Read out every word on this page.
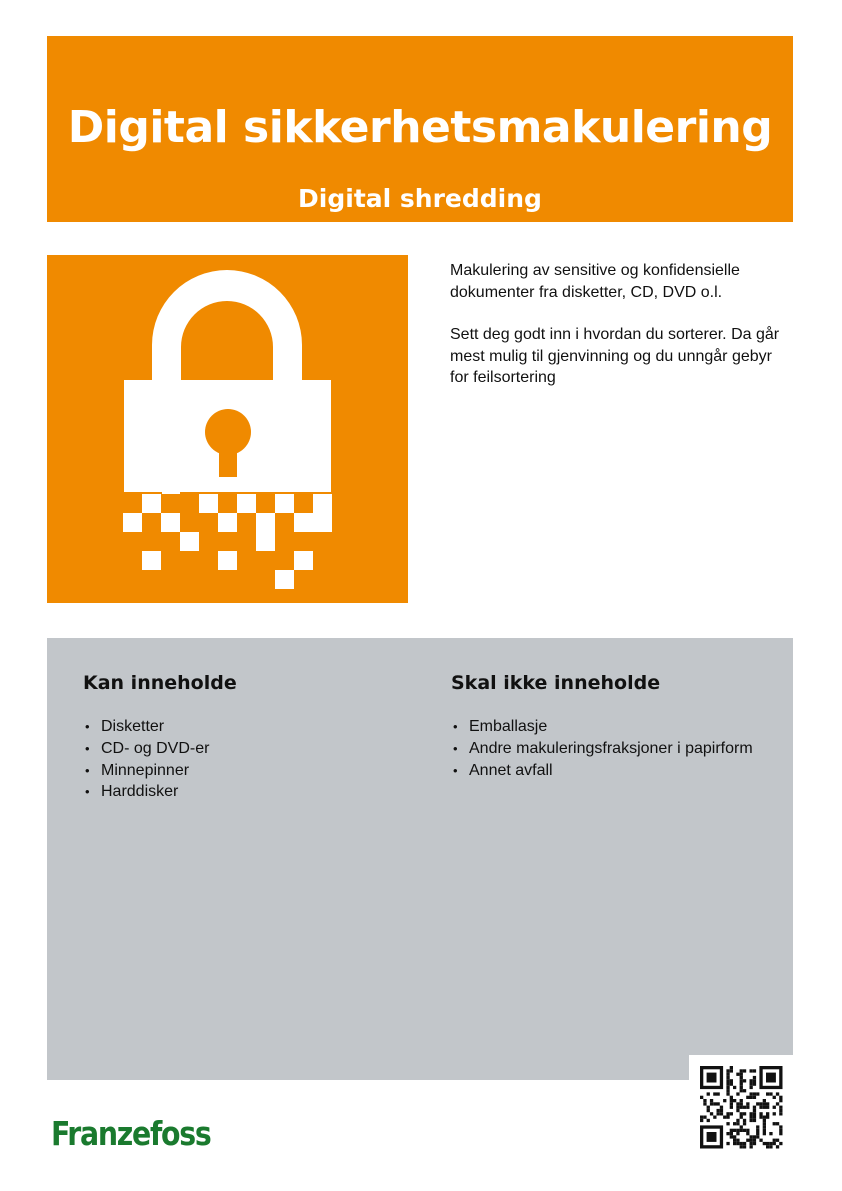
Digital sikkerhetsmakulering
Digital shredding

Makulering av sensitive og konfidensielle dokumenter fra disketter, CD, DVD o.l.

Sett deg godt inn i hvordan du sorterer. Da går mest mulig til gjenvinning og du unngår gebyr for feilsortering

Kan inneholde
• Disketter
• CD- og DVD-er
• Minnepinner
• Harddisker
Skal ikke inneholde
• Emballasje
• Andre makuleringsfraksjoner i papirform
• Annet avfall
Franzefoss
